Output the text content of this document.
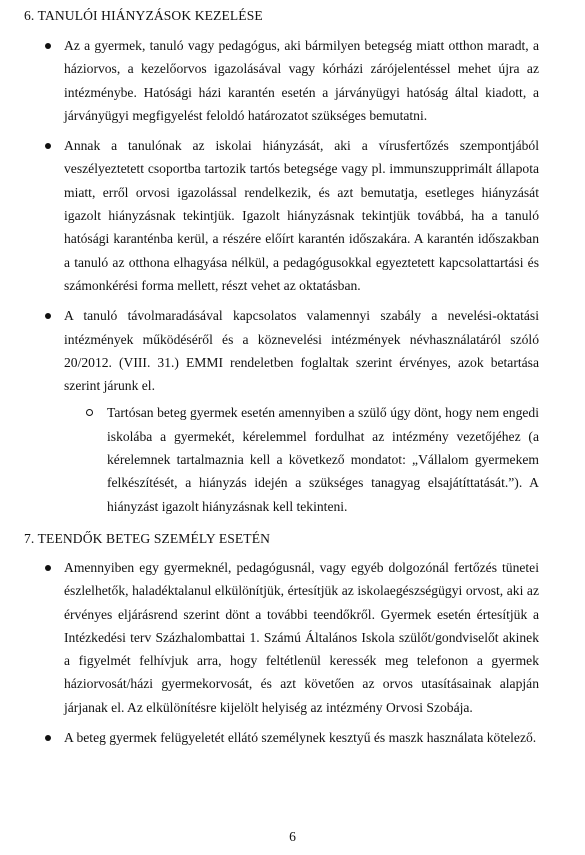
6. TANULÓI HIÁNYZÁSOK KEZELÉSE
Az a gyermek, tanuló vagy pedagógus, aki bármilyen betegség miatt otthon maradt, a háziorvos, a kezelőorvos igazolásával vagy kórházi zárójelentéssel mehet újra az intézménybe. Hatósági házi karantén esetén a járványügyi hatóság által kiadott, a járványügyi megfigyelést feloldó határozatot szükséges bemutatni.
Annak a tanulónak az iskolai hiányzását, aki a vírusfertőzés szempontjából veszélyeztetett csoportba tartozik tartós betegsége vagy pl. immunszupprimált állapota miatt, erről orvosi igazolással rendelkezik, és azt bemutatja, esetleges hiányzását igazolt hiányzásnak tekintjük. Igazolt hiányzásnak tekintjük továbbá, ha a tanuló hatósági karanténba kerül, a részére előírt karantén időszakára. A karantén időszakban a tanuló az otthona elhagyása nélkül, a pedagógusokkal egyeztetett kapcsolattartási és számonkérési forma mellett, részt vehet az oktatásban.
A tanuló távolmaradásával kapcsolatos valamennyi szabály a nevelési-oktatási intézmények működéséről és a köznevelési intézmények névhasználatáról szóló 20/2012. (VIII. 31.) EMMI rendeletben foglaltak szerint érvényes, azok betartása szerint járunk el.
Tartósan beteg gyermek esetén amennyiben a szülő úgy dönt, hogy nem engedi iskolába a gyermekét, kérelemmel fordulhat az intézmény vezetőjéhez (a kérelemnek tartalmaznia kell a következő mondatot: „Vállalom gyermekem felkészítését, a hiányzás idején a szükséges tanagyag elsajátíttatását.”). A hiányzást igazolt hiányzásnak kell tekinteni.
7. TEENDŐK BETEG SZEMÉLY ESETÉN
Amennyiben egy gyermeknél, pedagógusnál, vagy egyéb dolgozónál fertőzés tünetei észlelhetők, haladéktalanul elkülönítjük, értesítjük az iskolaegészségügyi orvost, aki az érvényes eljárásrend szerint dönt a további teendőkről. Gyermek esetén értesítjük a Intézkedési terv Százhalombattai 1. Számú Általános Iskola szülőt/gondviselőt akinek a figyelmét felhívjuk arra, hogy feltétlenül keressék meg telefonon a gyermek háziorvosát/házi gyermekorvosát, és azt követően az orvos utasításainak alapján járjanak el. Az elkülönítésre kijelölt helyiség az intézmény Orvosi Szobája.
A beteg gyermek felügyeletét ellátó személynek kesztyű és maszk használata kötelező.
6
